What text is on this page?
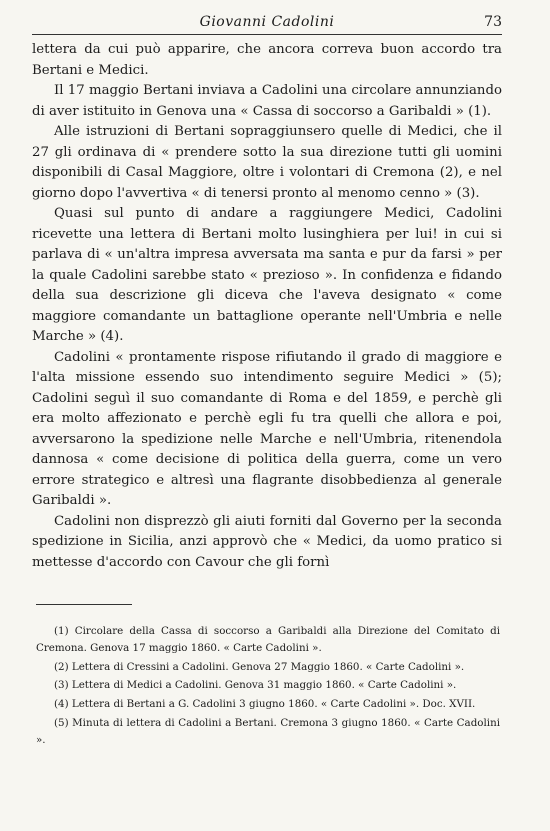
Giovanni Cadolini	73

lettera da cui può apparire, che ancora correva buon accordo tra Bertani e Medici.

Il 17 maggio Bertani inviava a Cadolini una circolare annunziando di aver istituito in Genova una « Cassa di soccorso a Garibaldi » (1).

Alle istruzioni di Bertani sopraggiunsero quelle di Medici, che il 27 gli ordinava di « prendere sotto la sua direzione tutti gli uomini disponibili di Casal Maggiore, oltre i volontari di Cremona (2), e nel giorno dopo l'avvertiva « di tenersi pronto al menomo cenno » (3).

Quasi sul punto di andare a raggiungere Medici, Cadolini ricevette una lettera di Bertani molto lusinghiera per lui! in cui si parlava di « un'altra impresa avversata ma santa e pur da farsi » per la quale Cadolini sarebbe stato « prezioso ». In confidenza e fidando della sua descrizione gli diceva che l'aveva designato « come maggiore comandante un battaglione operante nell'Umbria e nelle Marche » (4).

Cadolini « prontamente rispose rifiutando il grado di maggiore e l'alta missione essendo suo intendimento seguire Medici » (5); Cadolini seguì il suo comandante di Roma e del 1859, e perchè gli era molto affezionato e perchè egli fu tra quelli che allora e poi, avversarono la spedizione nelle Marche e nell'Umbria, ritenendola dannosa « come decisione di politica della guerra, come un vero errore strategico e altresì una flagrante disobbedienza al generale Garibaldi ».

Cadolini non disprezzò gli aiuti forniti dal Governo per la seconda spedizione in Sicilia, anzi approvò che « Medici, da uomo pratico si mettesse d'accordo con Cavour che gli fornì

(1) Circolare della Cassa di soccorso a Garibaldi alla Direzione del Comitato di Cremona. Genova 17 maggio 1860. « Carte Cadolini ».

(2) Lettera di Cressini a Cadolini. Genova 27 Maggio 1860. « Carte Cadolini ».

(3) Lettera di Medici a Cadolini. Genova 31 maggio 1860. « Carte Cadolini ».

(4) Lettera di Bertani a G. Cadolini 3 giugno 1860. « Carte Cadolini ». Doc. XVII.

(5) Minuta di lettera di Cadolini a Bertani. Cremona 3 giugno 1860. « Carte Cadolini ».
